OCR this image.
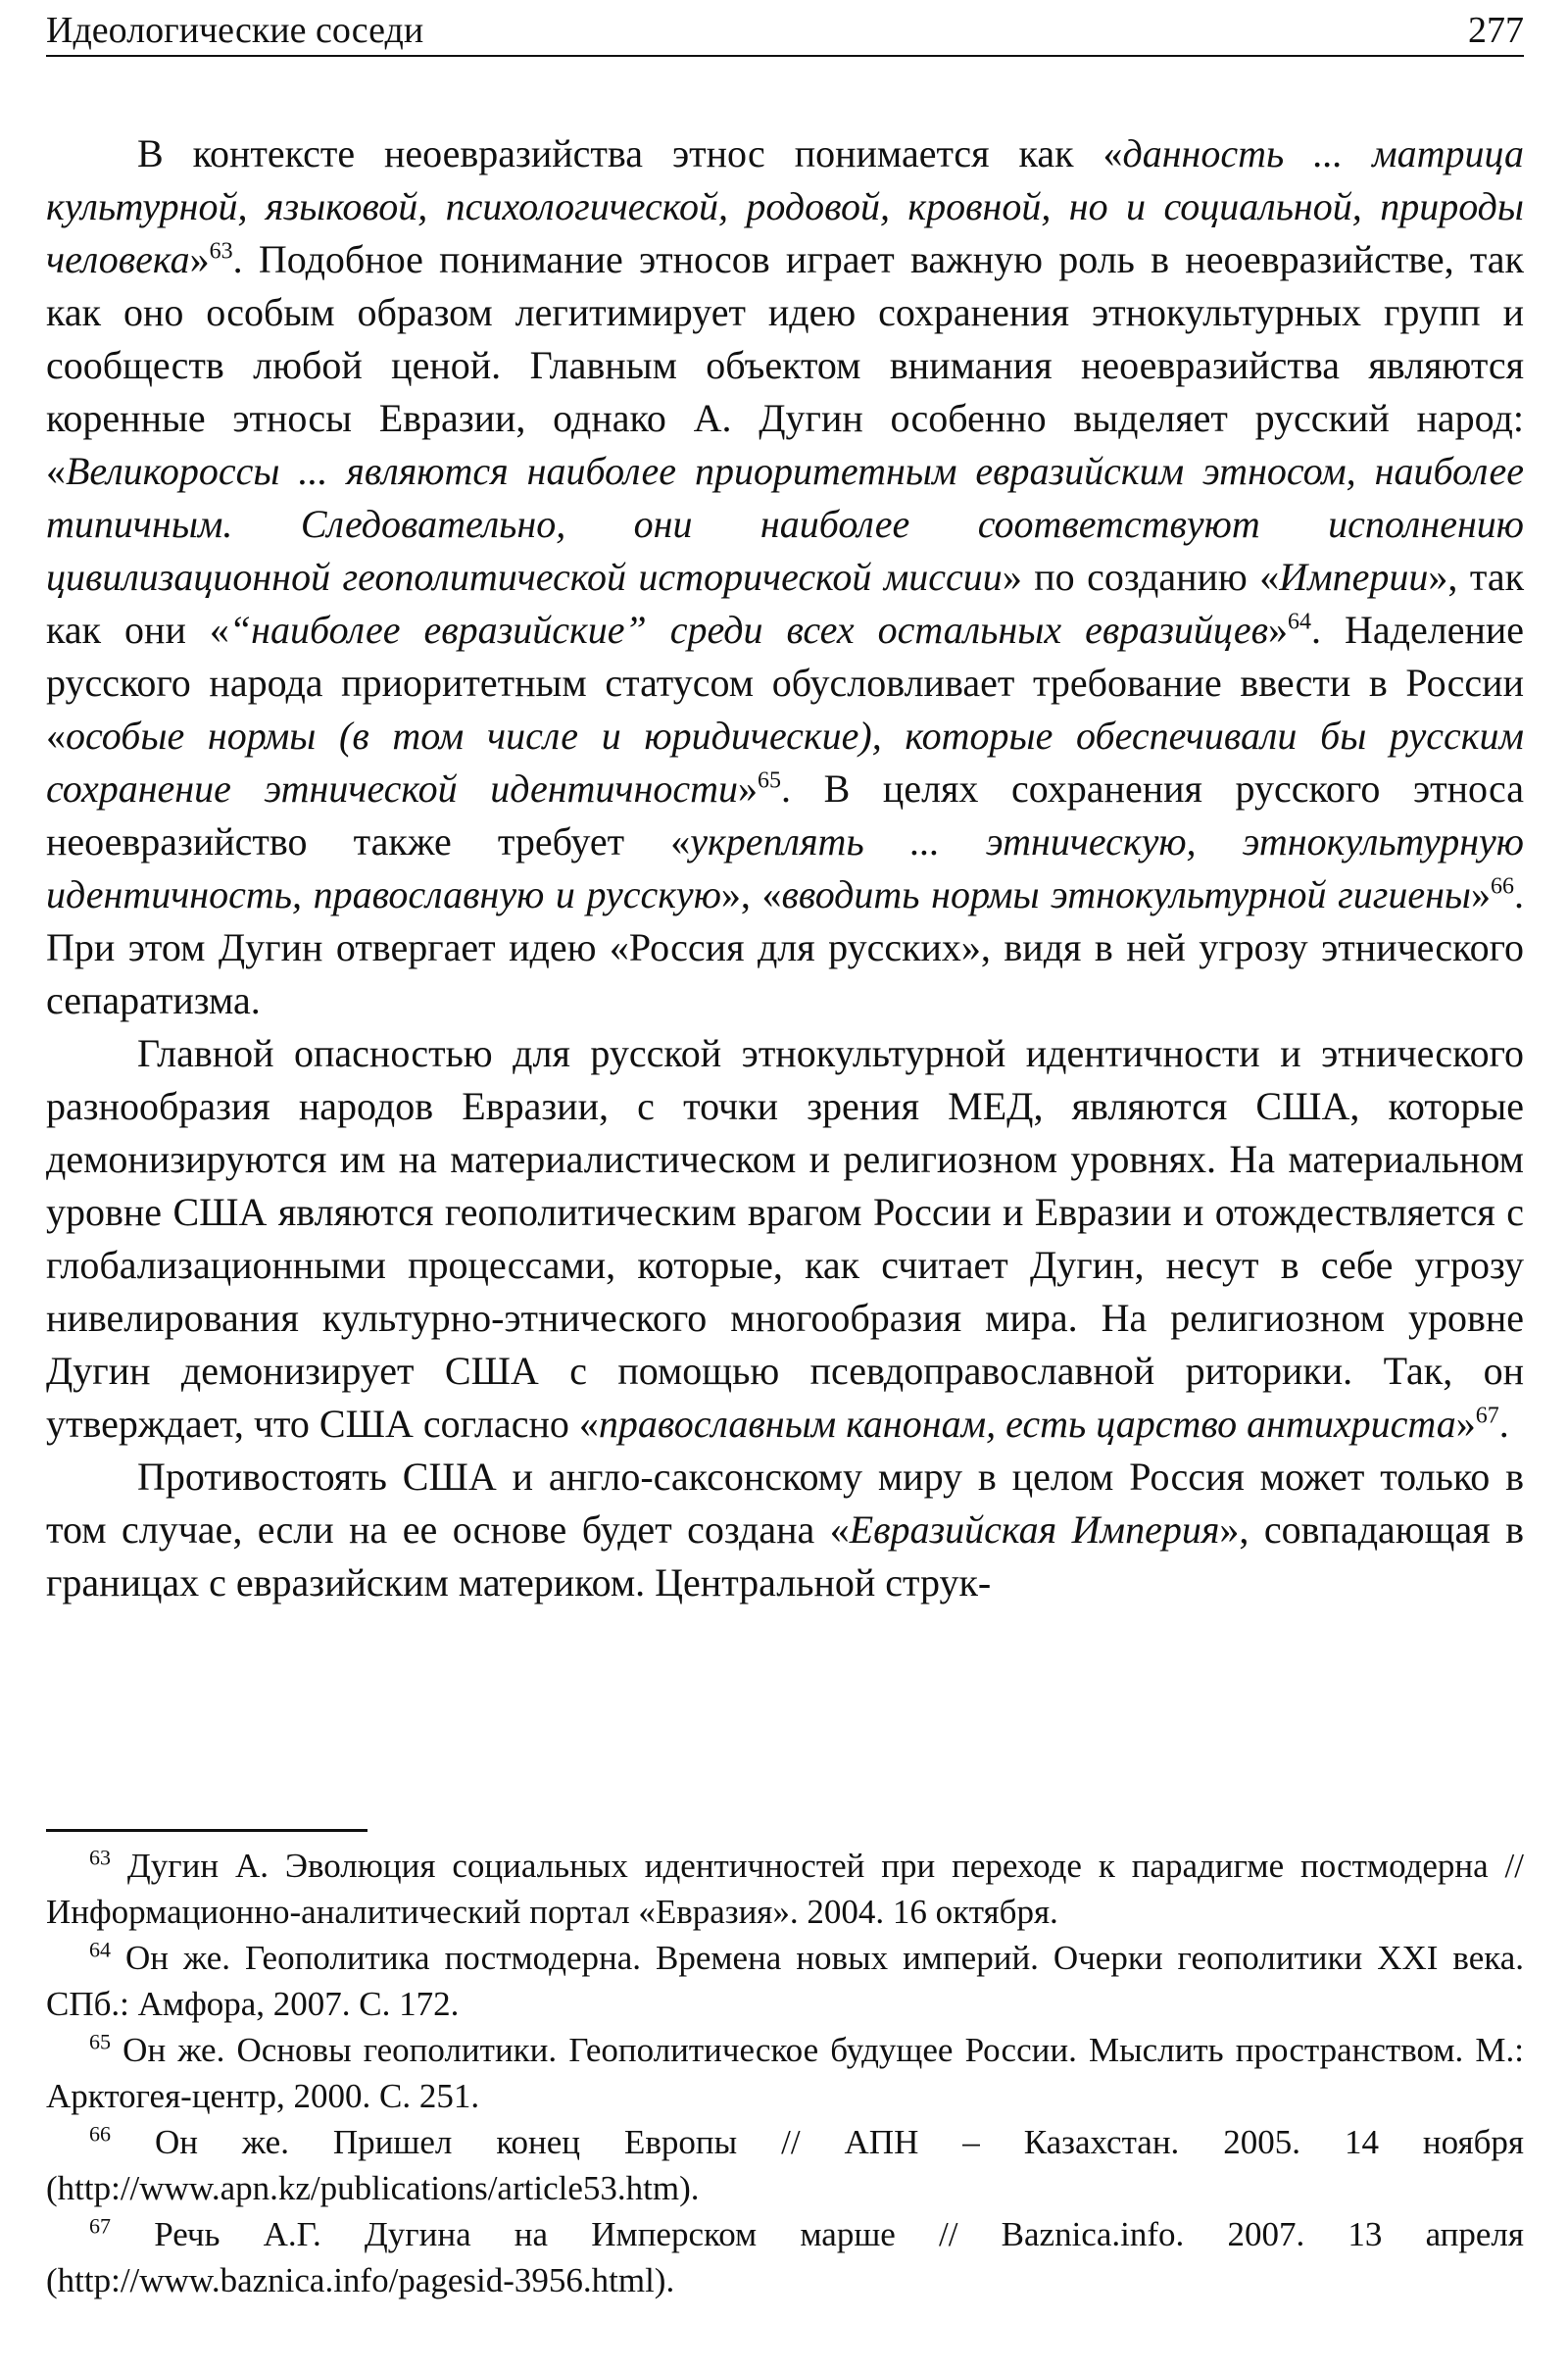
Идеологические соседи	277

В контексте неоевразийства этнос понимается как «данность ... матрица культурной, языковой, психологической, родовой, кровной, но и социальной, природы человека»$^{63}$. Подобное понимание этносов играет важную роль в неоевразийстве, так как оно особым образом легитимирует идею сохранения этнокультурных групп и сообществ любой ценой. Главным объектом внимания неоевразийства являются коренные этносы Евразии, однако А. Дугин особенно выделяет русский народ: «Великороссы ... являются наиболее приоритетным евразийским этносом, наиболее типичным. Следовательно, они наиболее соответствуют исполнению цивилизационной геополитической исторической миссии» по созданию «Империи», так как они «“наиболее евразийские” среди всех остальных евразийцев»$^{64}$. Наделение русского народа приоритетным статусом обусловливает требование ввести в России «особые нормы (в том числе и юридические), которые обеспечивали бы русским сохранение этнической идентичности»$^{65}$. В целях сохранения русского этноса неоевразийство также требует «укреплять ... этническую, этнокультурную идентичность, православную и русскую», «вводить нормы этнокультурной гигиены»$^{66}$. При этом Дугин отвергает идею «Россия для русских», видя в ней угрозу этнического сепаратизма.

Главной опасностью для русской этнокультурной идентичности и этнического разнообразия народов Евразии, с точки зрения МЕД, являются США, которые демонизируются им на материалистическом и религиозном уровнях. На материальном уровне США являются геополитическим врагом России и Евразии и отождествляется с глобализационными процессами, которые, как считает Дугин, несут в себе угрозу нивелирования культурно-этнического многообразия мира. На религиозном уровне Дугин демонизирует США с помощью псевдоправославной риторики. Так, он утверждает, что США согласно «православным канонам, есть царство антихриста»$^{67}$.

Противостоять США и англо-саксонскому миру в целом Россия может только в том случае, если на ее основе будет создана «Евразийская Империя», совпадающая в границах с евразийским материком. Центральной струк-

$^{63}$ Дугин А. Эволюция социальных идентичностей при переходе к парадигме постмодерна // Информационно-аналитический портал «Евразия». 2004. 16 октября.

$^{64}$ Он же. Геополитика постмодерна. Времена новых империй. Очерки геополитики XXI века. СПб.: Амфора, 2007. С. 172.

$^{65}$ Он же. Основы геополитики. Геополитическое будущее России. Мыслить пространством. М.: Арктогея-центр, 2000. С. 251.

$^{66}$ Он же. Пришел конец Европы // АПН – Казахстан. 2005. 14 ноября (http://www.apn.kz/publications/article53.htm).

$^{67}$ Речь А.Г. Дугина на Имперском марше // Baznica.info. 2007. 13 апреля (http://www.baznica.info/pagesid-3956.html).
